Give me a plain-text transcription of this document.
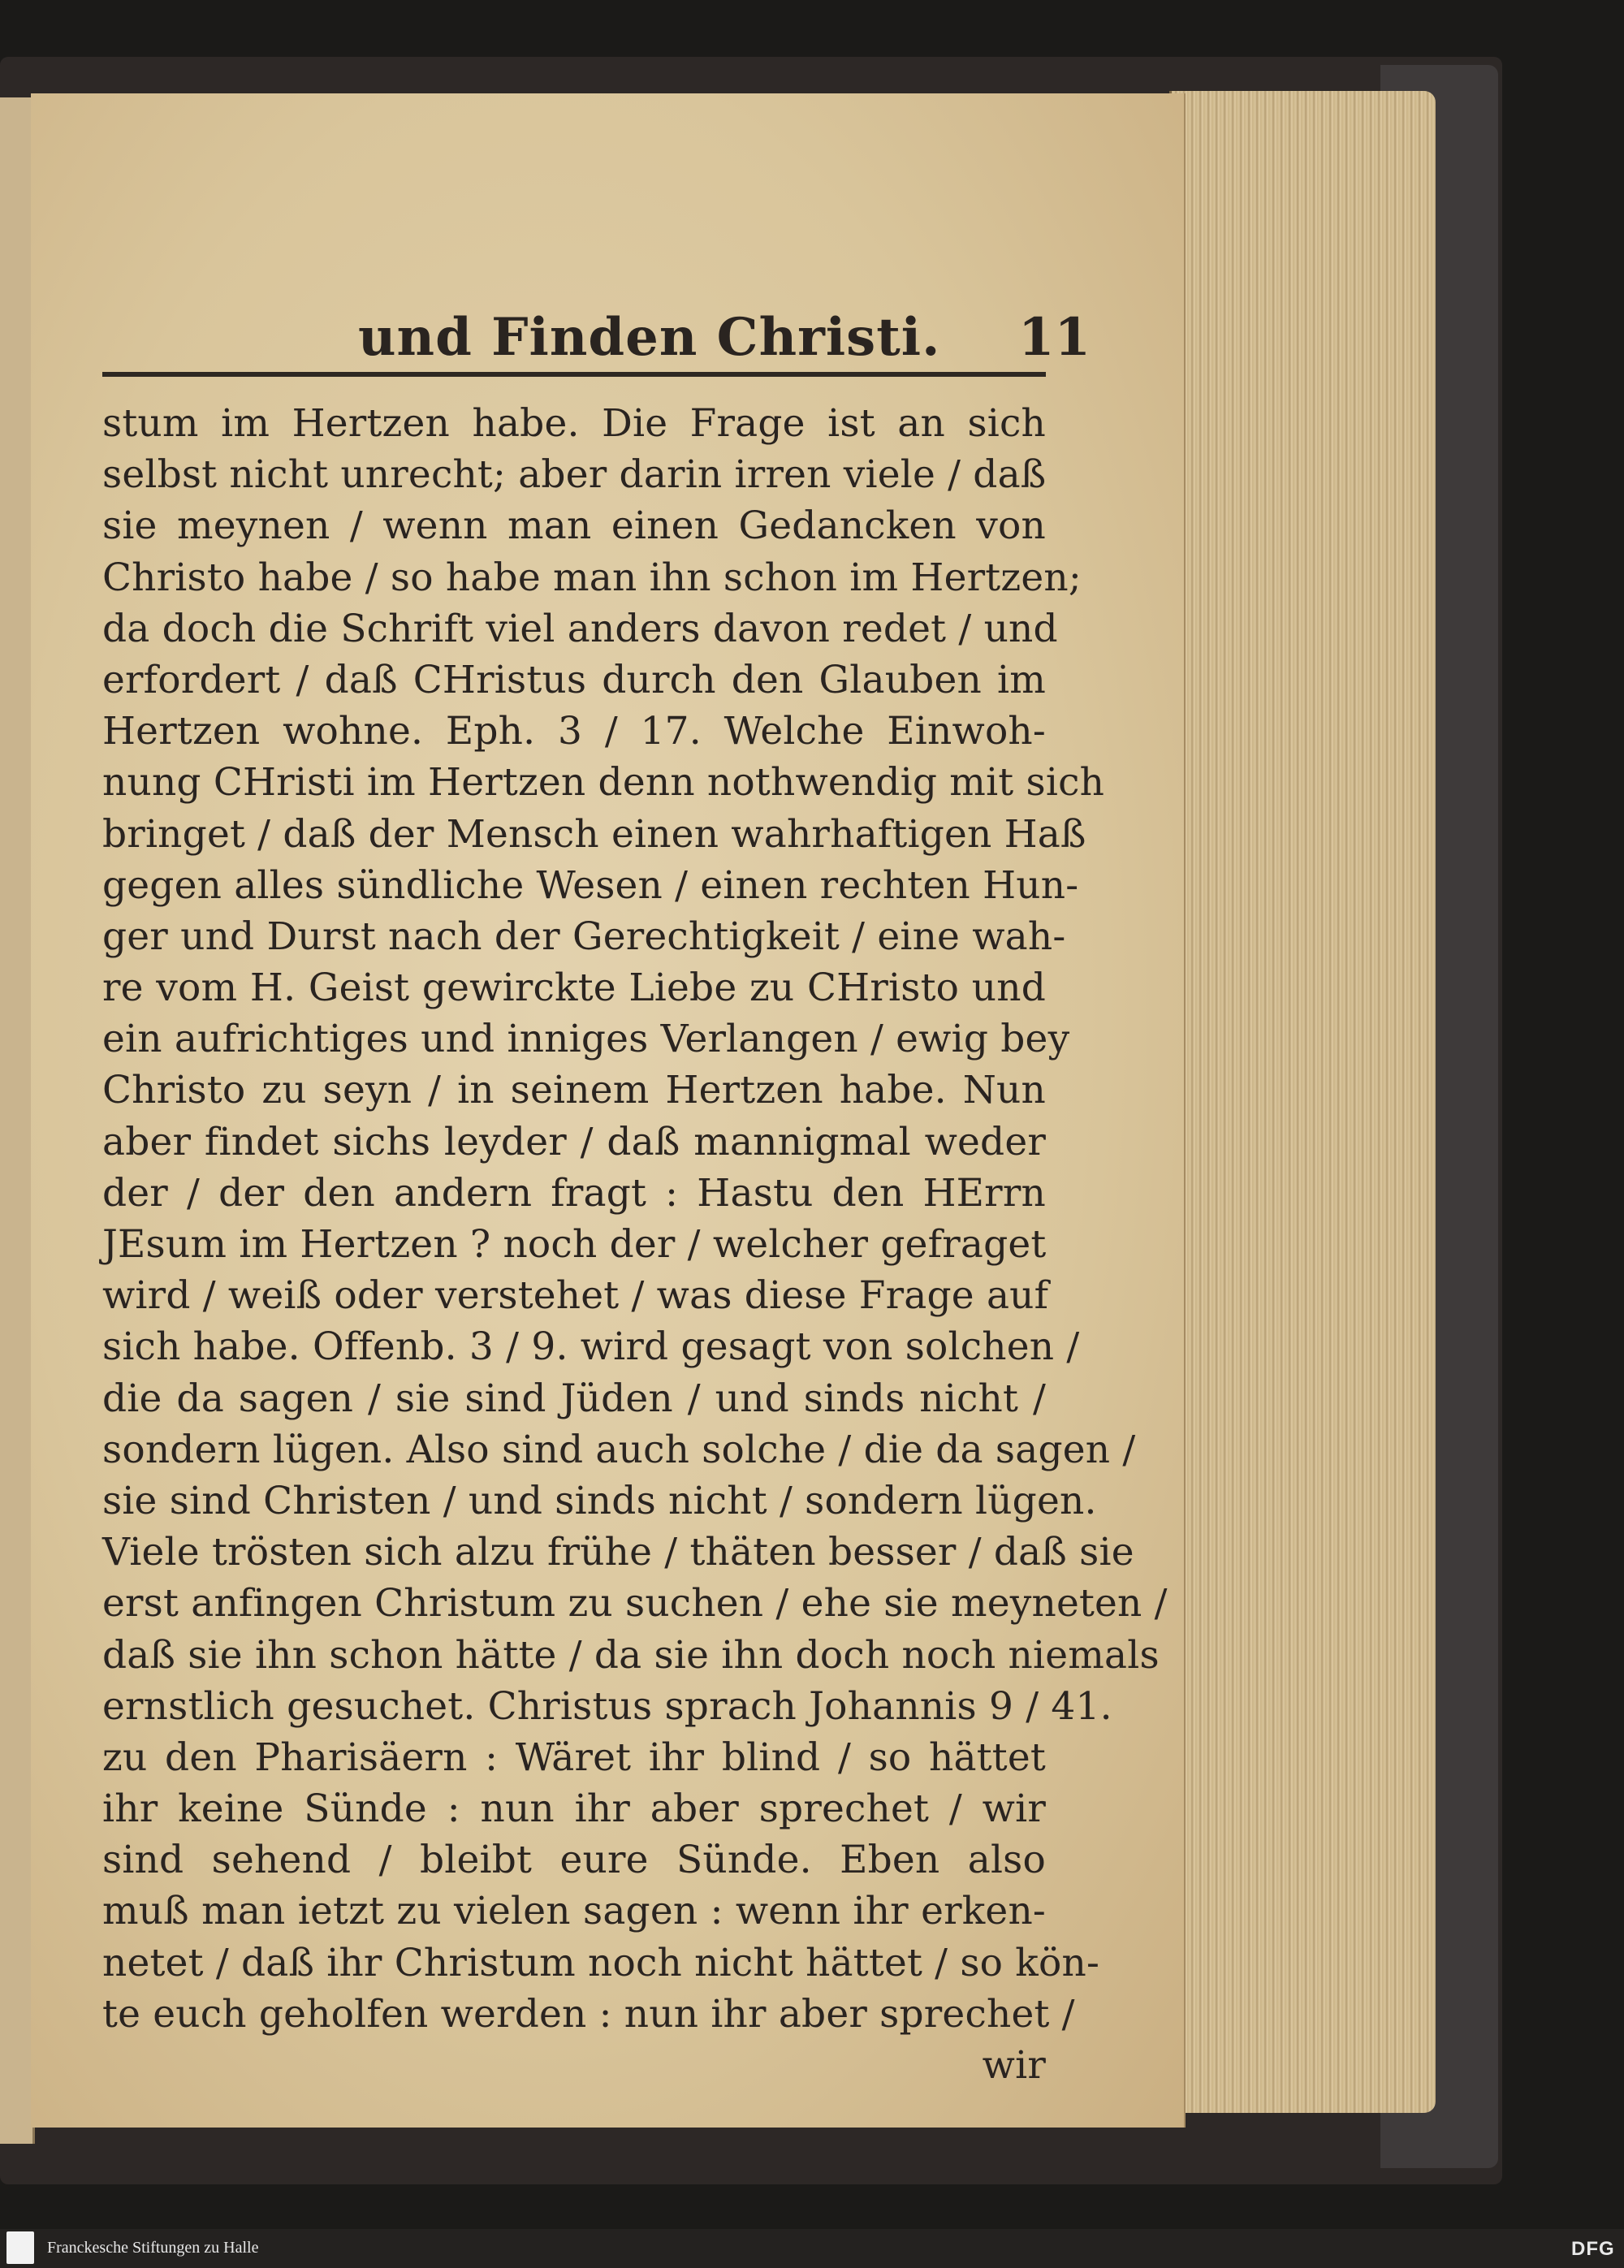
und Finden Christi. 11
stum im Hertzen habe. Die Frage ist an sich
selbst nicht unrecht; aber darin irren viele / daß
sie meynen / wenn man einen Gedancken von
Christo habe / so habe man ihn schon im Hertzen;
da doch die Schrift viel anders davon redet / und
erfordert / daß CHristus durch den Glauben im
Hertzen wohne. Eph. 3 / 17. Welche Einwoh-
nung CHristi im Hertzen denn nothwendig mit sich
bringet / daß der Mensch einen wahrhaftigen Haß
gegen alles sündliche Wesen / einen rechten Hun-
ger und Durst nach der Gerechtigkeit / eine wah-
re vom H. Geist gewirckte Liebe zu CHristo und
ein aufrichtiges und inniges Verlangen / ewig bey
Christo zu seyn / in seinem Hertzen habe. Nun
aber findet sichs leyder / daß mannigmal weder
der / der den andern fragt : Hastu den HErrn
JEsum im Hertzen ? noch der / welcher gefraget
wird / weiß oder verstehet / was diese Frage auf
sich habe. Offenb. 3 / 9. wird gesagt von solchen /
die da sagen / sie sind Jüden / und sinds nicht /
sondern lügen. Also sind auch solche / die da sagen /
sie sind Christen / und sinds nicht / sondern lügen.
Viele trösten sich alzu frühe / thäten besser / daß sie
erst anfingen Christum zu suchen / ehe sie meyneten /
daß sie ihn schon hätte / da sie ihn doch noch niemals
ernstlich gesuchet. Christus sprach Johannis 9 / 41.
zu den Pharisäern : Wäret ihr blind / so hättet
ihr keine Sünde : nun ihr aber sprechet / wir
sind sehend / bleibt eure Sünde. Eben also
muß man ietzt zu vielen sagen : wenn ihr erken-
netet / daß ihr Christum noch nicht hättet / so kön-
te euch geholfen werden : nun ihr aber sprechet /
wir
Franckesche Stiftungen zu Halle	DFG
